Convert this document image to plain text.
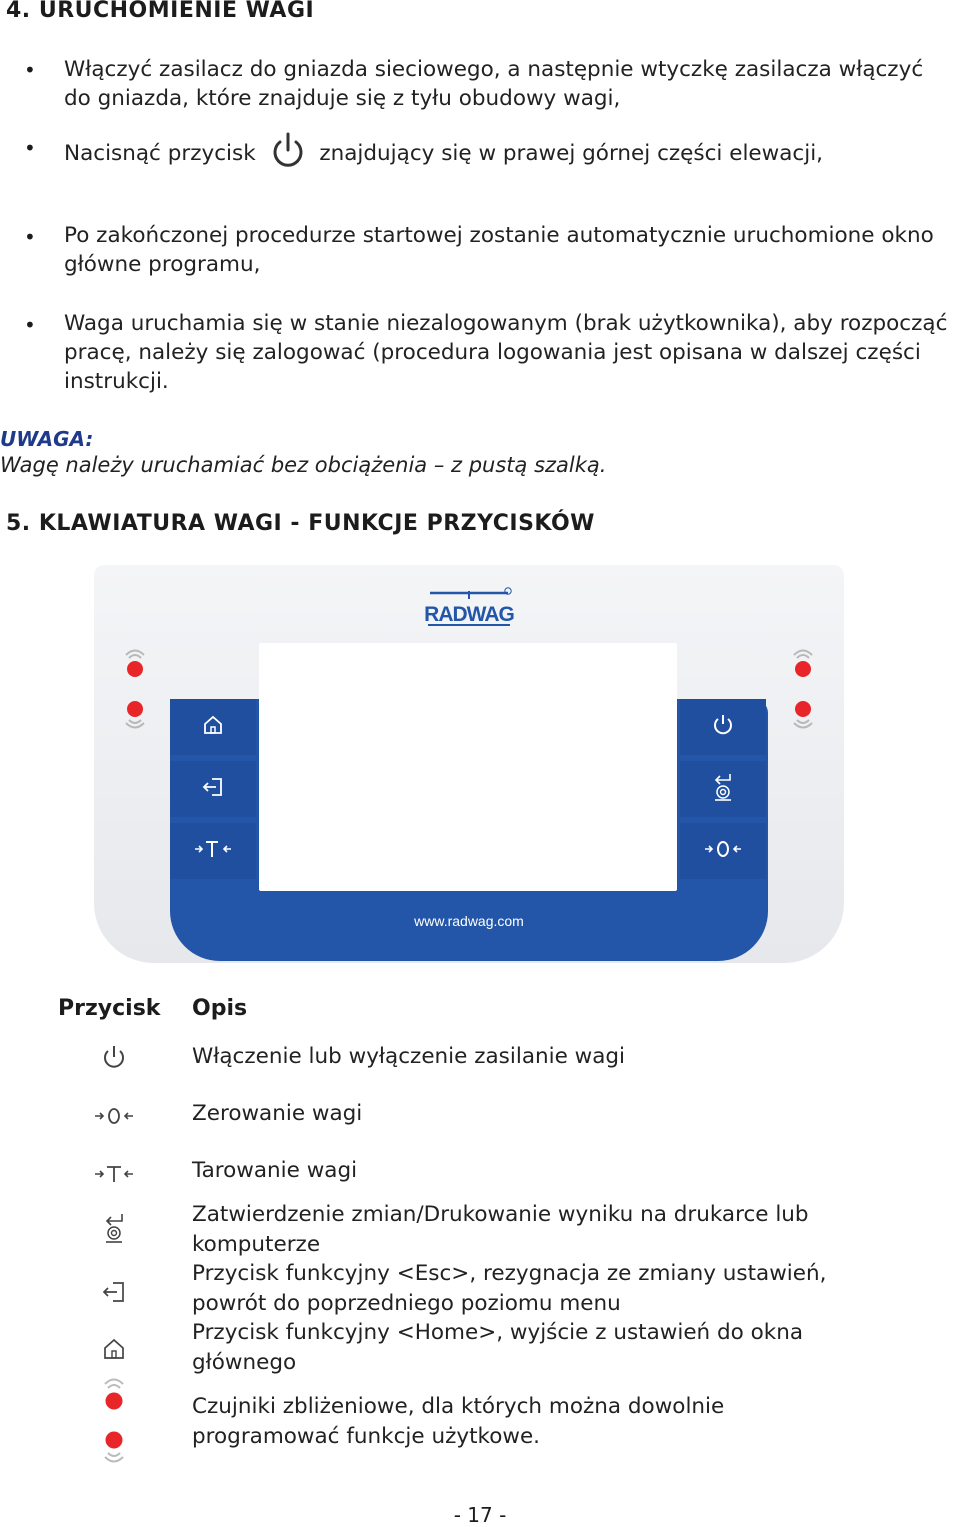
4. URUCHOMIENIE WAGI
• Włączyć zasilacz do gniazda sieciowego, a następnie wtyczkę zasilacza włączyć do gniazda, które znajduje się z tyłu obudowy wagi,
• Nacisnąć przycisk	znajdujący się w prawej górnej części elewacji,
• Po zakończonej procedurze startowej zostanie automatycznie uruchomione okno główne programu,
• Waga uruchamia się w stanie niezalogowanym (brak użytkownika), aby rozpocząć pracę, należy się zalogować (procedura logowania jest opisana w dalszej części instrukcji.
UWAGA:
Wagę należy uruchamiać bez obciążenia – z pustą szalką.
5. KLAWIATURA WAGI - FUNKCJE PRZYCISKÓW
RADWAG
www.radwag.com
Przycisk Opis
Włączenie lub wyłączenie zasilanie wagi
Zerowanie wagi
Tarowanie wagi
Zatwierdzenie zmian/Drukowanie wyniku na drukarce lub komputerze
Przycisk funkcyjny <Esc>, rezygnacja ze zmiany ustawień, powrót do poprzedniego poziomu menu
Przycisk funkcyjny <Home>, wyjście z ustawień do okna głównego
Czujniki zbliżeniowe, dla których można dowolnie programować funkcje użytkowe.
- 17 -
